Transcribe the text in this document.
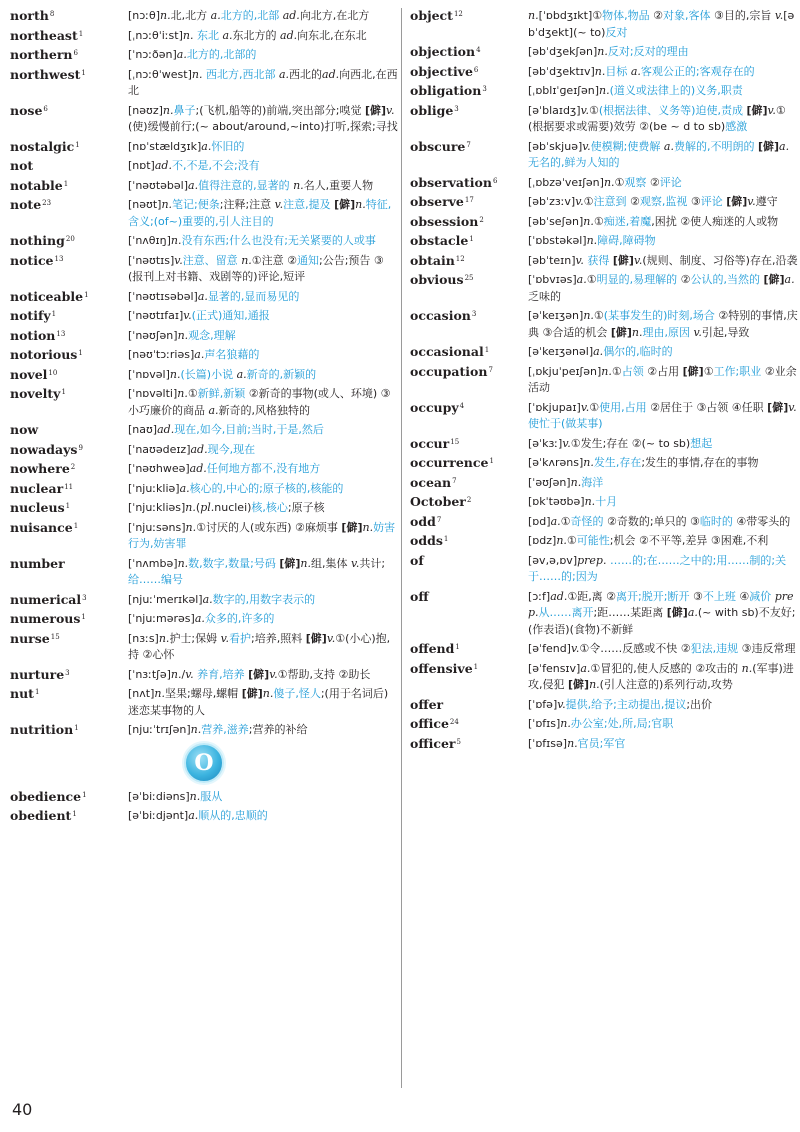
north$^8$	[nɔːθ]n.北,北方 a.北方的,北部 ad.向北方,在北方
northeast$^1$	[ˌnɔːθˈiːst]n. 东北 a.东北方的 ad.向东北,在东北
northern$^6$	[ˈnɔːðən]a.北方的,北部的
northwest$^1$	[ˌnɔːθˈwest]n. 西北方,西北部 a.西北的ad.向西北,在西北
nose$^6$	[nəʊz]n.鼻子;(飞机,船等的)前端,突出部分;嗅觉 [僻]v.(使)缓慢前行;(~ about/around,~into)打听,探索;寻找
nostalgic$^1$	[nɒˈstældʒɪk]a.怀旧的
not	[nɒt]ad.不,不是,不会;没有
notable$^1$	[ˈnəʊtəbəl]a.值得注意的,显著的 n.名人,重要人物
note$^{23}$	[nəʊt]n.笔记;便条;注释;注意 v.注意,提及 [僻]n.特征,含义;(of~)重要的,引人注目的
nothing$^{20}$	[ˈnʌθɪŋ]n.没有东西;什么也没有;无关紧要的人或事
notice$^{13}$	[ˈnəʊtɪs]v.注意、留意 n.①注意 ②通知;公告;预告 ③(报刊上对书籍、戏剧等的)评论,短评
noticeable$^1$	[ˈnəʊtɪsəbəl]a.显著的,显而易见的
notify$^1$	[ˈnəʊtɪfaɪ]v.(正式)通知,通报
notion$^{13}$	[ˈnəʊʃən]n.观念,理解
notorious$^1$	[nəʊˈtɔːriəs]a.声名狼藉的
novel$^{10}$	[ˈnɒvəl]n.(长篇)小说 a.新奇的,新颖的
novelty$^1$	[ˈnɒvəlti]n.①新鲜,新颖 ②新奇的事物(或人、环境) ③小巧廉价的商品 a.新奇的,风格独特的
now	[naʊ]ad.现在,如今,目前;当时,于是,然后
nowadays$^9$	[ˈnaʊədeɪz]ad.现今,现在
nowhere$^2$	[ˈnəʊhweə]ad.任何地方都不,没有地方
nuclear$^{11}$	[ˈnjuːkliə]a.核心的,中心的;原子核的,核能的
nucleus$^1$	[ˈnjuːkliəs]n.(pl.nuclei)核,核心;原子核
nuisance$^1$	[ˈnjuːsəns]n.①讨厌的人(或东西) ②麻烦事 [僻]n.妨害行为,妨害罪
number	[ˈnʌmbə]n.数,数字,数量;号码 [僻]n.组,集体 v.共计;给……编号
numerical$^3$	[njuːˈmerɪkəl]a.数字的,用数字表示的
numerous$^1$	[ˈnjuːmərəs]a.众多的,许多的
nurse$^{15}$	[nɜːs]n.护士;保姆 v.看护;培养,照料 [僻]v.①(小心)抱,持 ②心怀
nurture$^3$	[ˈnɜːtʃə]n./v. 养育,培养 [僻]v.①帮助,支持 ②助长
nut$^1$	[nʌt]n.坚果;螺母,螺帽 [僻]n.傻子,怪人;(用于名词后)迷恋某事物的人
nutrition$^1$	[njuːˈtrɪʃən]n.营养,滋养;营养的补给
O
obedience$^1$	[əˈbiːdiəns]n.服从
obedient$^1$	[əˈbiːdjənt]a.顺从的,忠顺的
object$^{12}$	n.[ˈɒbdʒɪkt]①物体,物品 ②对象,客体 ③目的,宗旨 v.[əbˈdʒekt](~ to)反对
objection$^4$	[əbˈdʒekʃən]n.反对;反对的理由
objective$^6$	[əbˈdʒektɪv]n.目标 a.客观公正的;客观存在的
obligation$^3$	[ˌɒblɪˈɡeɪʃən]n.(道义或法律上的)义务,职责
oblige$^3$	[əˈblaɪdʒ]v.①(根据法律、义务等)迫使,责成 [僻]v.①(根据要求或需要)效劳 ②(be ~ d to sb)感激
obscure$^7$	[əbˈskjuə]v.使模糊;使费解 a.费解的,不明朗的 [僻]a.无名的,鲜为人知的
observation$^6$	[ˌɒbzəˈveɪʃən]n.①观察 ②评论
observe$^{17}$	[əbˈzɜːv]v.①注意到 ②观察,监视 ③评论 [僻]v.遵守
obsession$^2$	[əbˈseʃən]n.①痴迷,着魔,困扰 ②使人痴迷的人或物
obstacle$^1$	[ˈɒbstəkəl]n.障碍,障碍物
obtain$^{12}$	[əbˈteɪn]v. 获得 [僻]v.(规则、制度、习俗等)存在,沿袭
obvious$^{25}$	[ˈɒbvɪəs]a.①明显的,易理解的 ②公认的,当然的 [僻]a.乏味的
occasion$^3$	[əˈkeɪʒən]n.①(某事发生的)时刻,场合 ②特别的事情,庆典 ③合适的机会 [僻]n.理由,原因 v.引起,导致
occasional$^1$	[əˈkeɪʒənəl]a.偶尔的,临时的
occupation$^7$	[ˌɒkjuˈpeɪʃən]n.①占领 ②占用 [僻]①工作;职业 ②业余活动
occupy$^4$	[ˈɒkjupaɪ]v.①使用,占用 ②居住于 ③占领 ④任职 [僻]v.使忙于(做某事)
occur$^{15}$	[əˈkɜː]v.①发生;存在 ②(~ to sb)想起
occurrence$^1$	[əˈkʌrəns]n.发生,存在;发生的事情,存在的事物
ocean$^7$	[ˈəʊʃən]n.海洋
October$^2$	[ɒkˈtəʊbə]n.十月
odd$^7$	[ɒd]a.①奇怪的 ②奇数的;单只的 ③临时的 ④带零头的
odds$^1$	[ɒdz]n.①可能性;机会 ②不平等,差异 ③困难,不利
of	[əv,ə,ɒv]prep. ……的;在……之中的;用……制的;关于……的;因为
off	[ɔːf]ad.①距,离 ②离开;脱开;断开 ③不上班 ④减价 prep.从……离开;距……某距离 [僻]a.(~ with sb)不友好;(作表语)(食物)不新鲜
offend$^1$	[əˈfend]v.①令……反感或不快 ②犯法,违规 ③违反常理
offensive$^1$	[əˈfensɪv]a.①冒犯的,使人反感的 ②攻击的 n.(军事)进攻,侵犯 [僻]n.(引人注意的)系列行动,攻势
offer	[ˈɒfə]v.提供,给予;主动提出,提议;出价
office$^{24}$	[ˈɒfɪs]n.办公室;处,所,局;官职
officer$^5$	[ˈɒfɪsə]n.官员;军官
40
